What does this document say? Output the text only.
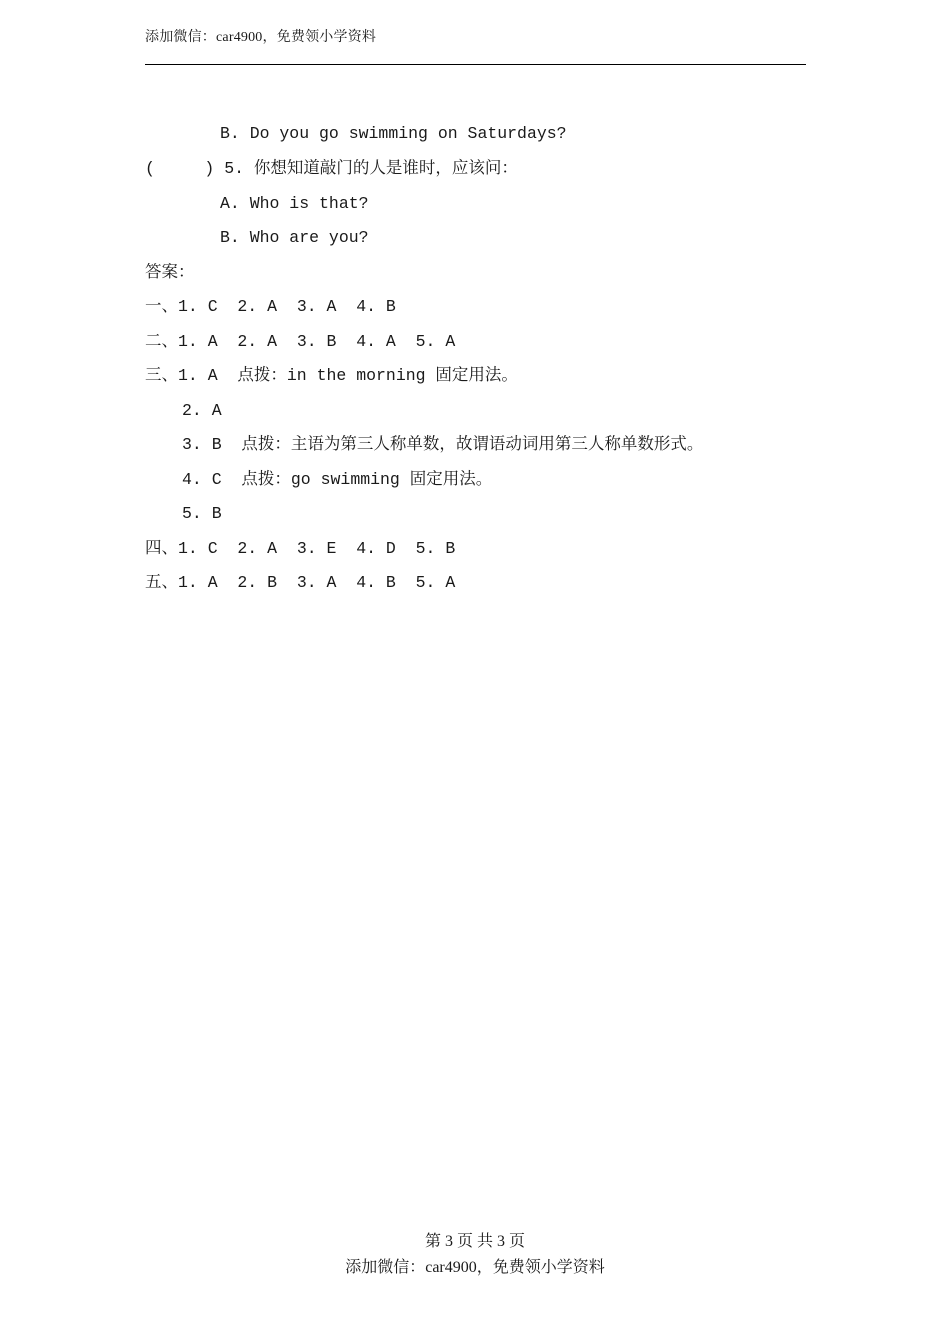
添加微信：car4900，免费领小学资料
B. Do you go swimming on Saturdays?
(     ) 5. 你想知道敲门的人是谁时，应该问：
A. Who is that?
B. Who are you?
答案：
一、1. C  2. A  3. A  4. B
二、1. A  2. A  3. B  4. A  5. A
三、1. A  点拨：in the morning 固定用法。
2. A
3. B  点拨：主语为第三人称单数，故谓语动词用第三人称单数形式。
4. C  点拨：go swimming 固定用法。
5. B
四、1. C  2. A  3. E  4. D  5. B
五、1. A  2. B  3. A  4. B  5. A
第 3 页 共 3 页
添加微信：car4900，免费领小学资料
